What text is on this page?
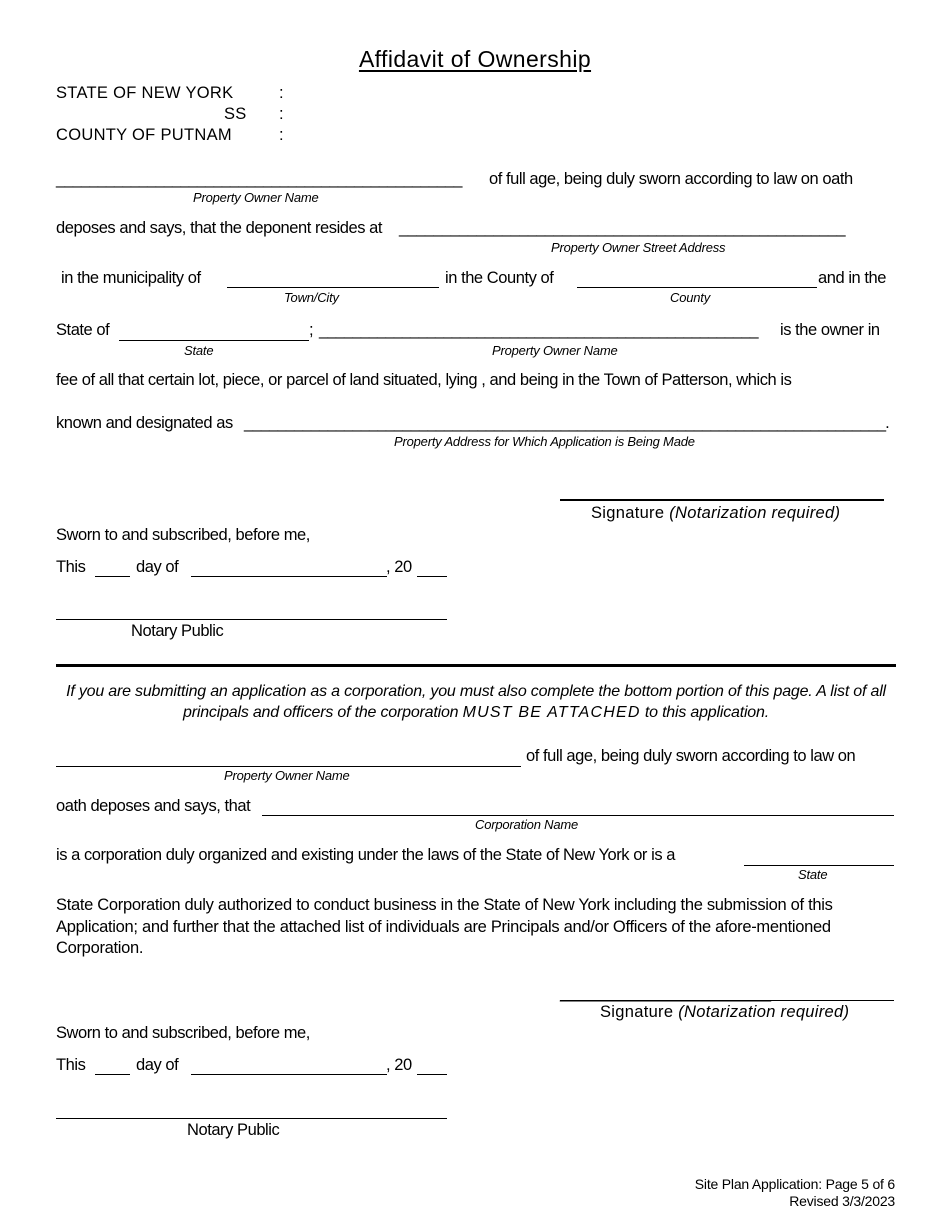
Affidavit of Ownership
STATE OF NEW YORK	:
SS :
COUNTY OF PUTNAM	:
_________________________________________________ of full age, being duly sworn according to law on oath
Property Owner Name
deposes and says, that the deponent resides at ____________________________________________________
Property Owner Street Address
in the municipality of	in the County of	and in the
Town/City	County
State of	; _____________________________________________________ is the owner in
State	Property Owner Name
fee of all that certain lot, piece, or parcel of land situated, lying , and being in the Town of Patterson, which is
known and designated as _____________________________________________________________________________.
Property Address for Which Application is Being Made
Signature (Notarization required)
Sworn to and subscribed, before me,
This	day of	, 20
Notary Public
If you are submitting an application as a corporation, you must also complete the bottom portion of this page. A list of all principals and officers of the corporation MUST BE ATTACHED to this application.
of full age, being duly sworn according to law on
Property Owner Name
oath deposes and says, that
Corporation Name
is a corporation duly organized and existing under the laws of the State of New York or is a
State
State Corporation duly authorized to conduct business in the State of New York including the submission of this Application; and further that the attached list of individuals are Principals and/or Officers of the afore-mentioned Corporation.
__________________________
Signature (Notarization required)
Sworn to and subscribed, before me,
This	day of	, 20
Notary Public
Site Plan Application: Page 5 of 6
Revised 3/3/2023
